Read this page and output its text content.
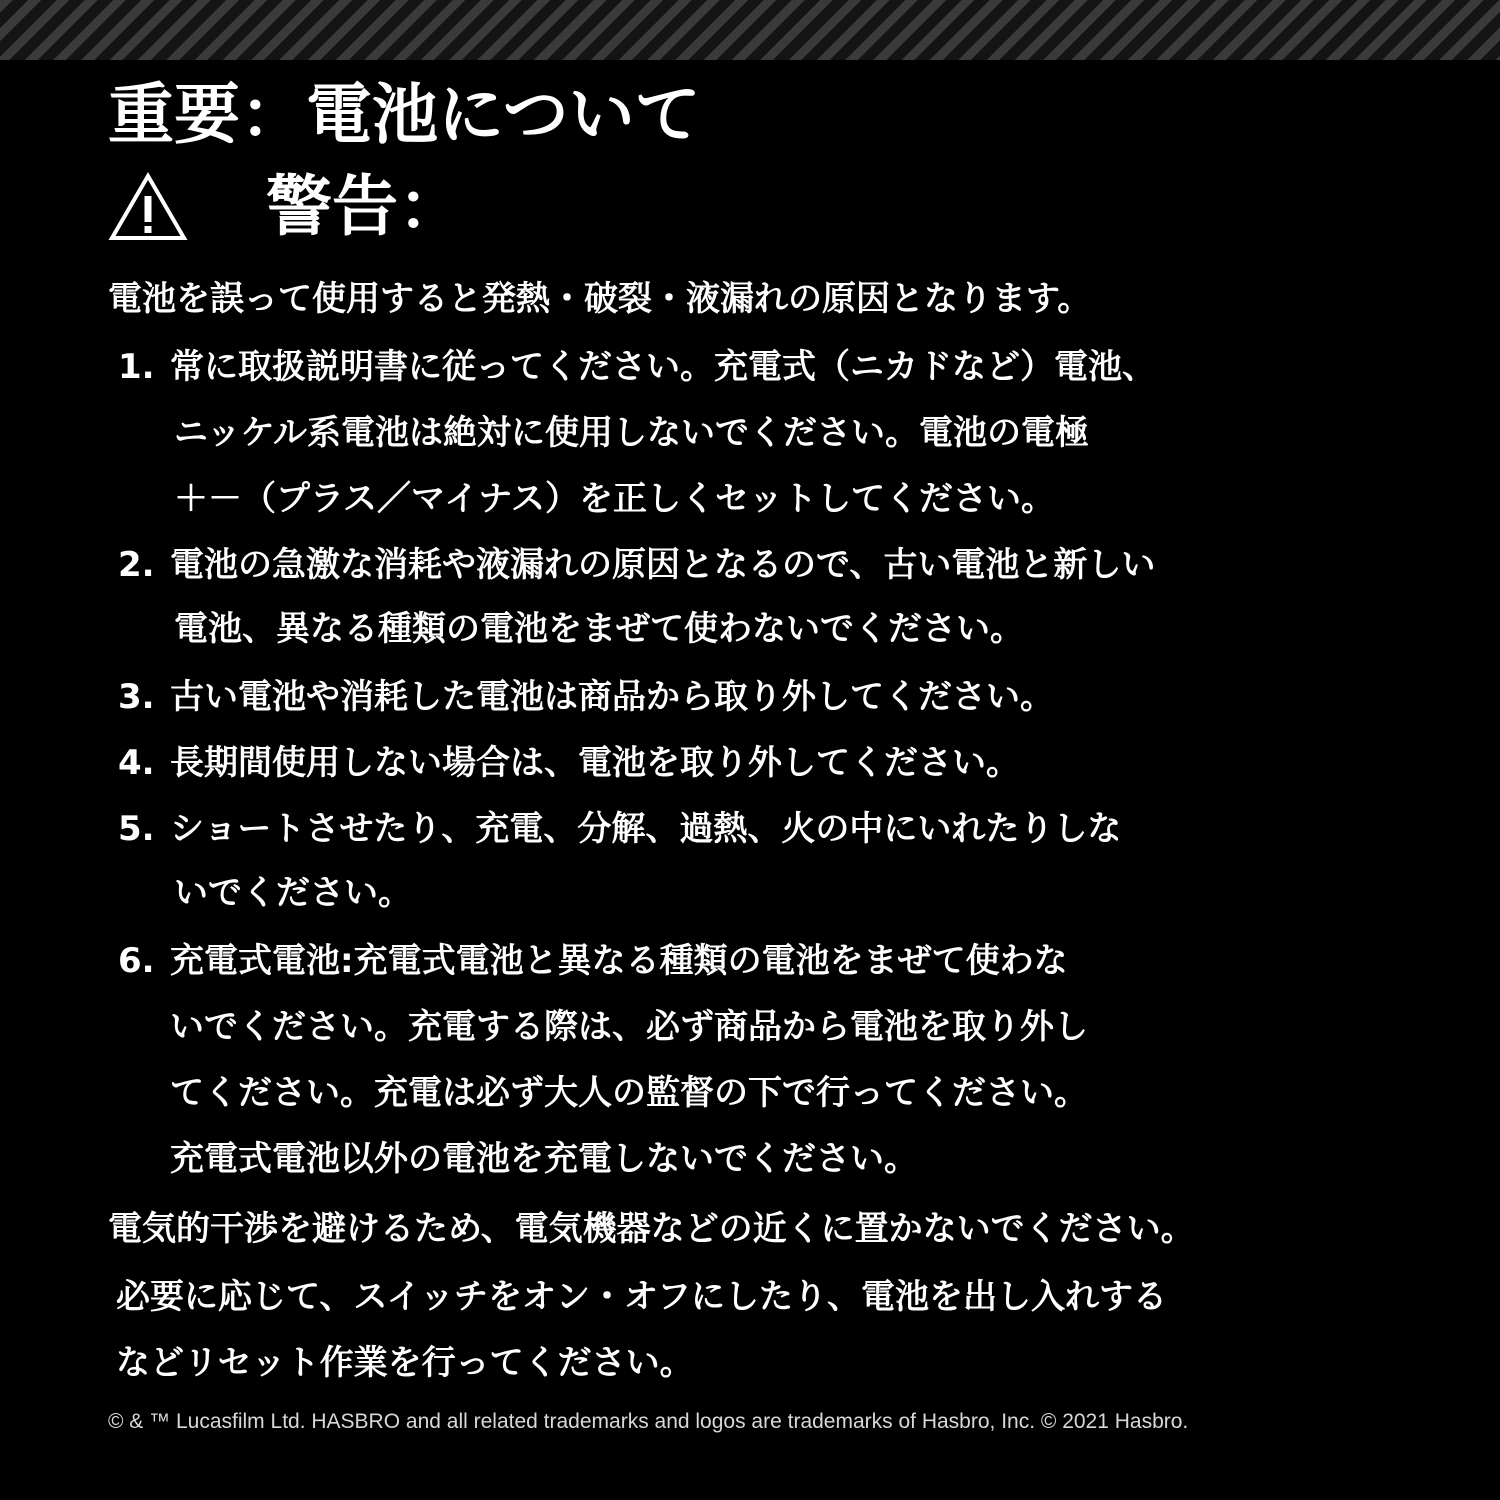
重要：電池について
警告：
電池を誤って使用すると発熱・破裂・液漏れの原因となります。
1. 常に取扱説明書に従ってください。充電式（ニカドなど）電池、
ニッケル系電池は絶対に使用しないでください。電池の電極
＋－（プラス／マイナス）を正しくセットしてください。
2. 電池の急激な消耗や液漏れの原因となるので、古い電池と新しい
電池、異なる種類の電池をまぜて使わないでください。
3. 古い電池や消耗した電池は商品から取り外してください。
4. 長期間使用しない場合は、電池を取り外してください。
5. ショートさせたり、充電、分解、過熱、火の中にいれたりしな
いでください。
6. 充電式電池:充電式電池と異なる種類の電池をまぜて使わな
いでください。充電する際は、必ず商品から電池を取り外し
てください。充電は必ず大人の監督の下で行ってください。
充電式電池以外の電池を充電しないでください。
電気的干渉を避けるため、電気機器などの近くに置かないでください。
必要に応じて、スイッチをオン・オフにしたり、電池を出し入れする
などリセット作業を行ってください。
© & ™ Lucasfilm Ltd. HASBRO and all related trademarks and logos are trademarks of Hasbro, Inc. © 2021 Hasbro.
